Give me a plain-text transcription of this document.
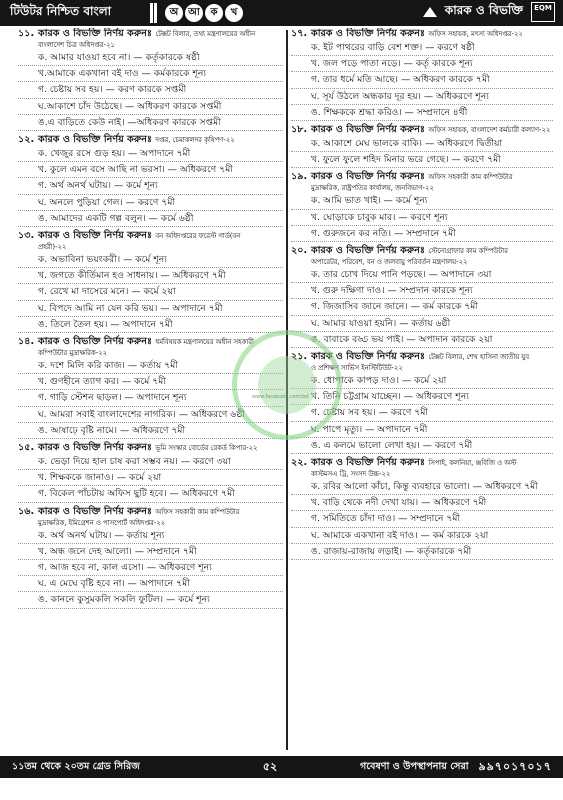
টিউটর নিশ্চিত বাংলা	অ আ	ক	খ	কারক ও বিভক্তি	EQM
১১. কারক ও বিভক্তি নির্ণয় করুনঃ টেক্সট বিলার, তথ্য মন্ত্রণালয়ের অধীন
বাংলাদেশ চিত্র অধিদপ্তর-২১
ক. আমার যাওয়া হবে না। — কর্তৃকারকে ষষ্ঠী
খ.আমাকে একখানা বই দাও — কর্মকারকে শূন্য
গ. চেষ্টায় সব হয়। — করণ কারকে সপ্তমী
ঘ.আকাশে চাঁদ উঠেছে। — অধিকরণ কারকে সপ্তমী
ঙ.এ বাড়িতে কেউ নাই। —অধিকরণ কারকে সপ্তমী
১২. কারক ও বিভক্তি নির্ণয় করুনঃ দপ্তর, চেমাকলদর কৃষিপণ-২২
ক. খেজুর রসে গুড় হয়। — অপাদানে ৭মী
খ. কুলে এমন বসে আছি না ভরসা। — অধিকরণে ৭মী
গ. অর্থ অনর্থ ঘটায়। — কর্মে শূন্য
ঘ. অনলে পুড়িয়া গেল। — করণে ৭মী
ঙ. আমাদের একটি গল্প বলুন। — কর্মে ৬ষ্ঠী
১৩. কারক ও বিভক্তি নির্ণয় করুনঃ বন অধিদপ্তরের ফরেস্ট গার্ড(বন
প্রহরী)-২২
ক. অভাবিনা ভয়ংকরী। — কর্মে শূন্য
খ. জগতে কীর্তিমান হও সাধনায়। — অধিকরণে ৭মী
গ. রেখে মা দাসেরে মনে। — কর্মে ২য়া
ঘ. বিপদে আমি না যেন করি ভয়। — অপাদানে ৭মী
ঙ. তিলে তৈল হয়। — অপাদানে ৭মী
১৪. কারক ও বিভক্তি নির্ণয় করুনঃ ধর্মবিষয়ক মন্ত্রণালয়ের অধীন সহকারী
কম্পিউটার মুদ্রাক্ষরিক-২২
ক. দশে মিলি করি কাজ। — কর্তায় ৭মী
খ. গুণহীনে ত্যাগ কর। — কর্মে ৭মী
গ. গাড়ি স্টেশন ছাড়ল। — অপাদানে শূন্য
ঘ. আমরা সবাই বাংলাদেশের নাগরিক। — অধিকরণে ৬ষ্ঠী
ঙ. আষাঢ়ে বৃষ্টি নামে। — অধিকরণে ৭মী
১৫. কারক ও বিভক্তি নির্ণয় করুনঃ ভূমি সংস্কার বোর্ডের রেকর্ড কিপার-২২
ক. ভেড়া দিয়ে হাল চাষ করা সম্ভব নয়। — করণে ৩য়া
খ. শিক্ষককে জানাও। — কর্মে ২য়া
গ. বিকেল পাঁচটায় অফিস ছুটি হবে। — অধিকরণে ৭মী
১৬. কারক ও বিভক্তি নির্ণয় করুনঃ অফিস সহকারী কাম কম্পিউটার
মুদ্রাক্ষরিক, ইমিগ্রেশন ও পাসপোর্ট অধিদপ্তর-২২
ক. অর্থ অনর্থ ঘটায়। — কর্তায় শূন্য
খ. অন্ধ জনে দেহ আলো। — সম্প্রদানে ৭মী
গ. আজ হবে না, কাল এসো। — অধিকরণে শূন্য
ঘ. এ মেঘে বৃষ্টি হবে না। — অপাদানে ৭মী
ঙ. কাননে কুসুমকলি সকলি ফুটিল। — কর্মে শূন্য
১৭. কারক ও বিভক্তি নির্ণয় করুনঃ অফিস সহায়ক, মৎস্য অধিদপ্তর-২২
ক. ইট পাথরের বাড়ি বেশ শক্ত। — করণে ষষ্ঠী
খ. জল পড়ে পাতা নড়ে। — কর্তৃ কারকে শূন্য
গ. তার ধর্মে মতি আছে। — অধিকরণ কারকে ৭মী
ঘ. সূর্য উঠলে অন্ধকার দূর হয়। — অধিকরণে শূন্য
ঙ. শিক্ষককে শ্রদ্ধা করিও। — সম্প্রদানে ৪র্থী
১৮. কারক ও বিভক্তি নির্ণয় করুনঃ অফিস সহায়ক, বাংলাদেশ কর্মচারী কল্যাণ-২২
ক. আকাশে মেঘ ভালকে বাকি। — অধিকরণে দ্বিতীয়া
খ. ফুলে ফুলে শহিদ মিনার ভরে গেছে। — করণে ৭মী
১৯. কারক ও বিভক্তি নির্ণয় করুনঃ অফিস সহকারী কাম কম্পিউটার
মুদ্রাক্ষরিক, রাষ্ট্রপতির কার্যালয়, জনবিভাগ-২২
ক. আমি ভাত খাই। — কর্মে শূন্য
খ. ঘোড়াকে চাবুক মার। — করণে শূন্য
গ. গুরুজনে কর নতি। — সম্প্রদানে ৭মী
২০. কারক ও বিভক্তি নির্ণয় করুনঃ স্টেনোগ্রাফার কাম কম্পিউটার
অপারেটর, পরিবেশ, বন ও জলবায়ু পরিবর্তন মন্ত্রণালয়-২২
ক. তার চোখ দিয়ে পানি পড়ছে। — অপাদানে ৩য়া
খ. গুরু দক্ষিণা দাও। — সম্প্রদান কারকে শূন্য
গ. জিজাসিব জানে জানে। — কর্ম কারকে ৭মী
ঘ. আমার যাওয়া হয়নি। — কর্তায় ৬ষ্ঠী
ঙ. বাবাকে বড্ড ভয় পাই। — অপাদান কারকে ২য়া
২১. কারক ও বিভক্তি নির্ণয় করুনঃ টেক্সট বিলার, শেখ হাসিনা জাতীয় যুব
ও প্রশিক্ষণ সার্ভিস ইনস্টিটিউট-২২
ক. ধোপাকে কাপড় দাও। — কর্মে ২য়া
খ. তিনি চট্টগ্রাম যাচ্ছেন। — অধিকরণে শূন্য
গ. চেষ্টায় সব হয়। — করণে ৭মী
ঘ. পাপে মৃত্যু। — অপাদানে ৭মী
ঙ. এ কলমে ভালো লেখা হয়। — করণে ৭মী
২২. কারক ও বিভক্তি নির্ণয় করুনঃ সিপাই, কলনিয়া, ঞ্জবিজি ও অস্ট
কাস্টমসএ ট্রি, সংসদ উচ্চ-২২
ক. রবির আলো কাঁচা, কিন্তু ব্যবহারে ভালো। — অধিকরণে ৭মী
খ. বাড়ি থেকে নদী দেখা যায়। — অধিকরণে ৭মী
গ. সমিতিতে চাঁদা দাও। — সম্প্রদানে ৭মী
ঘ. আমাকে একখানা বই দাও। — কর্ম কারকে ২য়া
ঙ. রাজায়-রাজায় লড়াই। — কর্তৃকারকে ৭মী
www.facebook.com/bd
১১তম থেকে ২০তম গ্রেড সিরিজ	৫২	গবেষণা ও উপস্থাপনায় সেরা ৯৯৭০১৭০১৭
